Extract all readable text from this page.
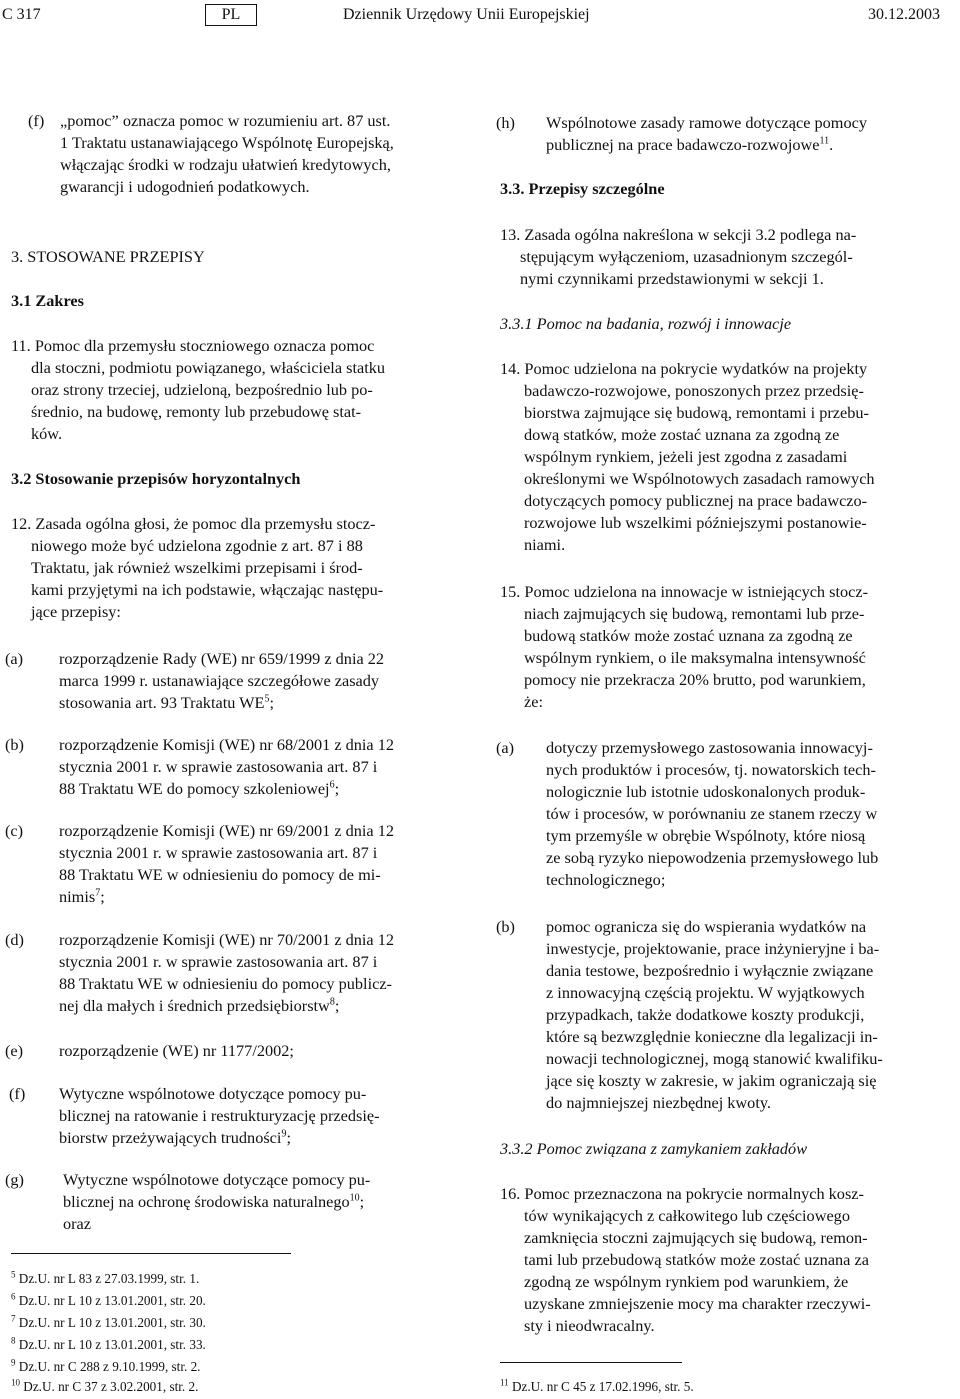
C 317	PL	Dziennik Urzędowy Unii Europejskiej	30.12.2003
(f) „pomoc” oznacza pomoc w rozumieniu art. 87 ust.
1 Traktatu ustanawiającego Wspólnotę Europejską,
włączając środki w rodzaju ułatwień kredytowych,
gwarancji i udogodnień podatkowych.
3. STOSOWANE PRZEPISY
3.1 Zakres
11. Pomoc dla przemysłu stoczniowego oznacza pomoc
dla stoczni, podmiotu powiązanego, właściciela statku
oraz strony trzeciej, udzieloną, bezpośrednio lub po-
średnio, na budowę, remonty lub przebudowę stat-
ków.
3.2 Stosowanie przepisów horyzontalnych
12. Zasada ogólna głosi, że pomoc dla przemysłu stocz-
niowego może być udzielona zgodnie z art. 87 i 88
Traktatu, jak również wszelkimi przepisami i środ-
kami przyjętymi na ich podstawie, włączając następu-
jące przepisy:
(a) rozporządzenie Rady (WE) nr 659/1999 z dnia 22
marca 1999 r. ustanawiające szczegółowe zasady
stosowania art. 93 Traktatu $WE^5$;
(b) rozporządzenie Komisji (WE) nr 68/2001 z dnia 12
stycznia 2001 r. w sprawie zastosowania art. 87 i
88 Traktatu WE do pomocy szkoleniowej$^6$;
(c) rozporządzenie Komisji (WE) nr 69/2001 z dnia 12
stycznia 2001 r. w sprawie zastosowania art. 87 i
88 Traktatu WE w odniesieniu do pomocy de mi-
nimis$^7$;
(d) rozporządzenie Komisji (WE) nr 70/2001 z dnia 12
stycznia 2001 r. w sprawie zastosowania art. 87 i
88 Traktatu WE w odniesieniu do pomocy publicz-
nej dla małych i średnich przedsiębiorstw$^8$;
(e) rozporządzenie (WE) nr 1177/2002;
(f) Wytyczne wspólnotowe dotyczące pomocy pu-
blicznej na ratowanie i restrukturyzację przedsię-
biorstw przeżywających trudności$^9$;
(g) Wytyczne wspólnotowe dotyczące pomocy pu-
blicznej na ochronę środowiska naturalnego$^{10}$;
oraz
$^5$ Dz.U. nr L 83 z 27.03.1999, str. 1.
$^6$ Dz.U. nr L 10 z 13.01.2001, str. 20.
$^7$ Dz.U. nr L 10 z 13.01.2001, str. 30.
$^8$ Dz.U. nr L 10 z 13.01.2001, str. 33.
$^9$ Dz.U. nr C 288 z 9.10.1999, str. 2.
$^{10}$ Dz.U. nr C 37 z 3.02.2001, str. 2.
(h) Wspólnotowe zasady ramowe dotyczące pomocy
publicznej na prace badawczo-rozwojowe$^{11}$.
3.3. Przepisy szczególne
13. Zasada ogólna nakreślona w sekcji 3.2 podlega na-
stępującym wyłączeniom, uzasadnionym szczegól-
nymi czynnikami przedstawionymi w sekcji 1.
3.3.1 Pomoc na badania, rozwój i innowacje
14. Pomoc udzielona na pokrycie wydatków na projekty
badawczo-rozwojowe, ponoszonych przez przedsię-
biorstwa zajmujące się budową, remontami i przebu-
dową statków, może zostać uznana za zgodną ze
wspólnym rynkiem, jeżeli jest zgodna z zasadami
określonymi we Wspólnotowych zasadach ramowych
dotyczących pomocy publicznej na prace badawczo-
rozwojowe lub wszelkimi późniejszymi postanowie-
niami.
15. Pomoc udzielona na innowacje w istniejących stocz-
niach zajmujących się budową, remontami lub prze-
budową statków może zostać uznana za zgodną ze
wspólnym rynkiem, o ile maksymalna intensywność
pomocy nie przekracza 20% brutto, pod warunkiem,
że:
(a) dotyczy przemysłowego zastosowania innowacyj-
nych produktów i procesów, tj. nowatorskich tech-
nologicznie lub istotnie udoskonalonych produk-
tów i procesów, w porównaniu ze stanem rzeczy w
tym przemyśle w obrębie Wspólnoty, które niosą
ze sobą ryzyko niepowodzenia przemysłowego lub
technologicznego;
(b) pomoc ogranicza się do wspierania wydatków na
inwestycje, projektowanie, prace inżynieryjne i ba-
dania testowe, bezpośrednio i wyłącznie związane
z innowacyjną częścią projektu. W wyjątkowych
przypadkach, także dodatkowe koszty produkcji,
które są bezwzględnie konieczne dla legalizacji in-
nowacji technologicznej, mogą stanowić kwalifiku-
jące się koszty w zakresie, w jakim ograniczają się
do najmniejszej niezbędnej kwoty.
3.3.2 Pomoc związana z zamykaniem zakładów
16. Pomoc przeznaczona na pokrycie normalnych kosz-
tów wynikających z całkowitego lub częściowego
zamknięcia stoczni zajmujących się budową, remon-
tami lub przebudową statków może zostać uznana za
zgodną ze wspólnym rynkiem pod warunkiem, że
uzyskane zmniejszenie mocy ma charakter rzeczywi-
sty i nieodwracalny.
$^{11}$ Dz.U. nr C 45 z 17.02.1996, str. 5.
